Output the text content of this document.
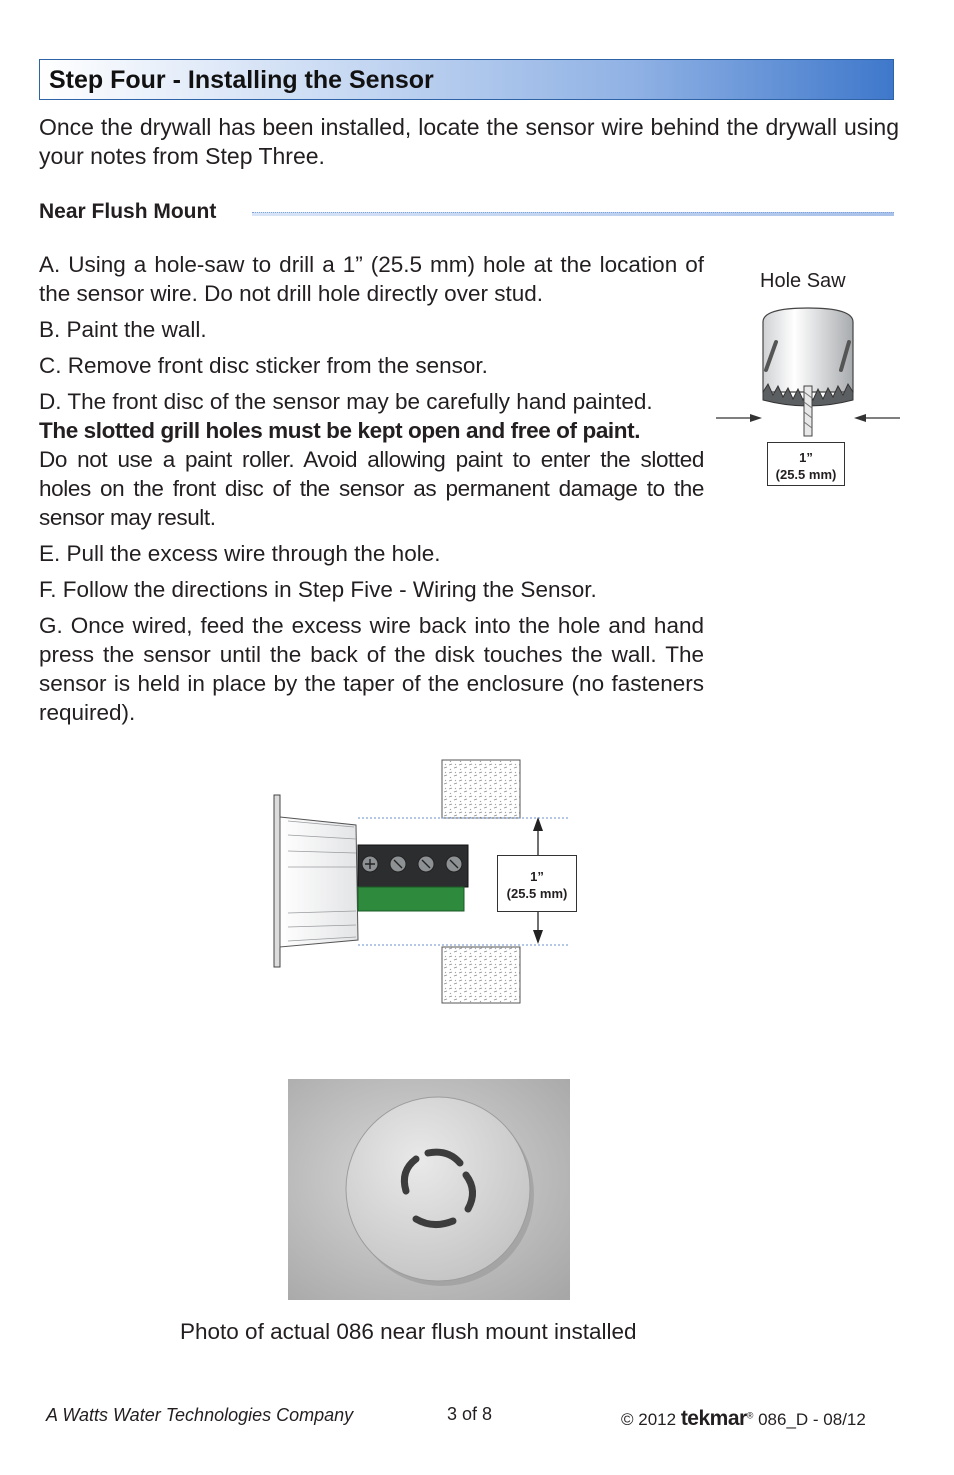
Step Four - Installing the Sensor
Once the drywall has been installed, locate the sensor wire behind the drywall using your notes from Step Three.
Near Flush Mount

A. Using a hole-saw to drill a 1” (25.5 mm) hole at the location of the sensor wire. Do not drill hole directly over stud.

B. Paint the wall.

C. Remove front disc sticker from the sensor.

D. The front disc of the sensor may be carefully hand painted.
The slotted grill holes must be kept open and free of paint.
Do not use a paint roller. Avoid allowing paint to enter the slotted holes on the front disc of the sensor as permanent damage to the sensor may result.

E. Pull the excess wire through the hole.

F. Follow the directions in Step Five - Wiring the Sensor.

G. Once wired, feed the excess wire back into the hole and hand press the sensor until the back of the disk touches the wall. The sensor is held in place by the taper of the enclosure (no fasteners required).

Hole Saw
1”
(25.5 mm)
1”
(25.5 mm)
Photo of actual 086 near flush mount installed
A Watts Water Technologies Company	3 of 8	© 2012 tekmar® 086_D - 08/12
